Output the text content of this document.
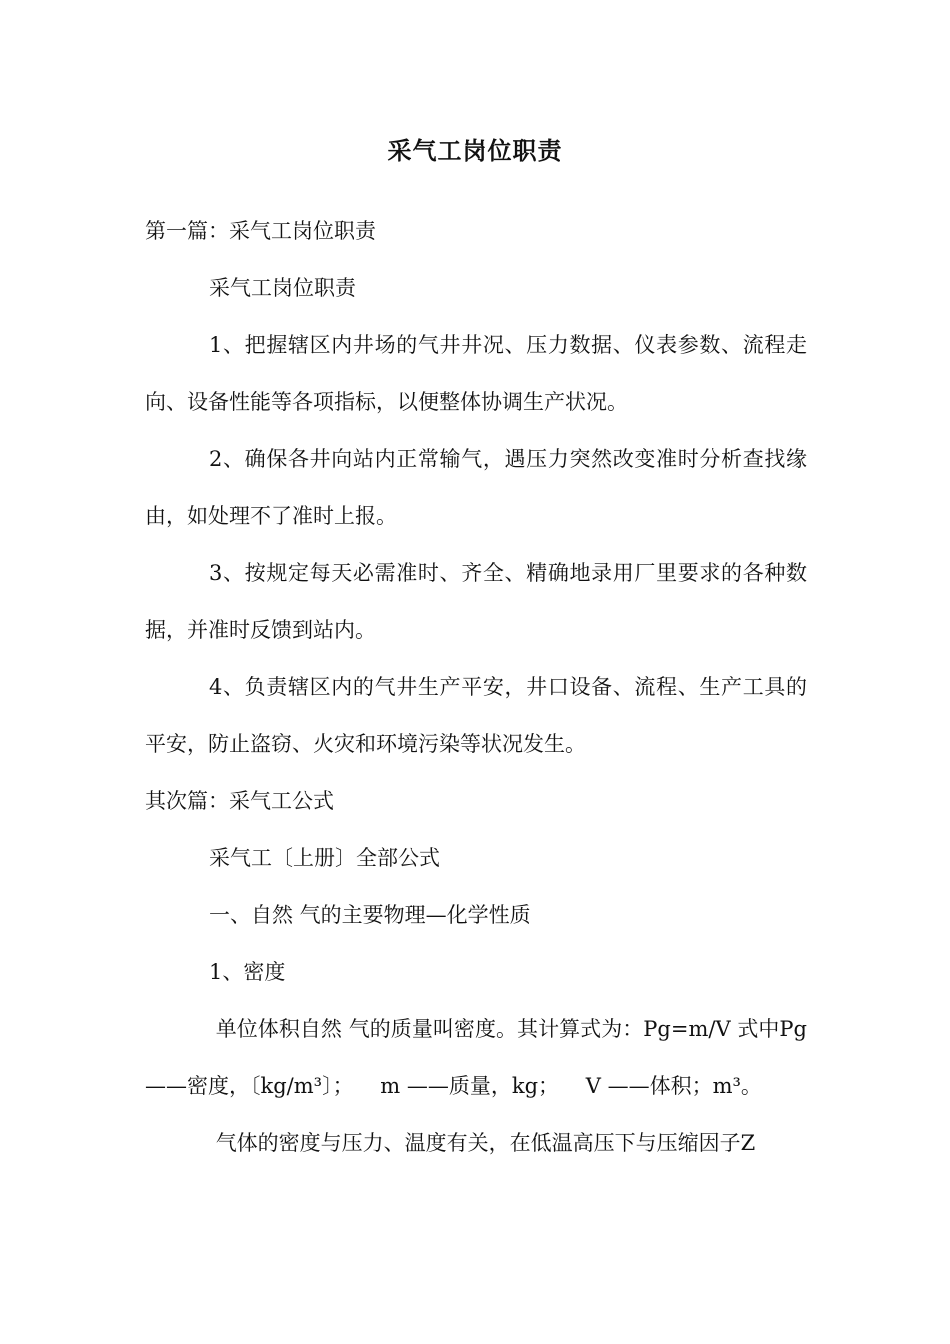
采气工岗位职责

第一篇：采气工岗位职责

采气工岗位职责

1、把握辖区内井场的气井井况、压力数据、仪表参数、流程走向、设备性能等各项指标，以便整体协调生产状况。

2、确保各井向站内正常输气，遇压力突然改变准时分析查找缘由，如处理不了准时上报。

3、按规定每天必需准时、齐全、精确地录用厂里要求的各种数据，并准时反馈到站内。

4、负责辖区内的气井生产平安，井口设备、流程、生产工具的平安，防止盗窃、火灾和环境污染等状况发生。

其次篇：采气工公式

采气工〔上册〕全部公式

一、自然 气的主要物理—化学性质

1、密度

单位体积自然 气的质量叫密度。其计算式为：Pg=m/V 式中Pg——密度，〔kg/m³〕；    m ——质量，kg；    V ——体积；m³。

气体的密度与压力、温度有关，在低温高压下与压缩因子Z
